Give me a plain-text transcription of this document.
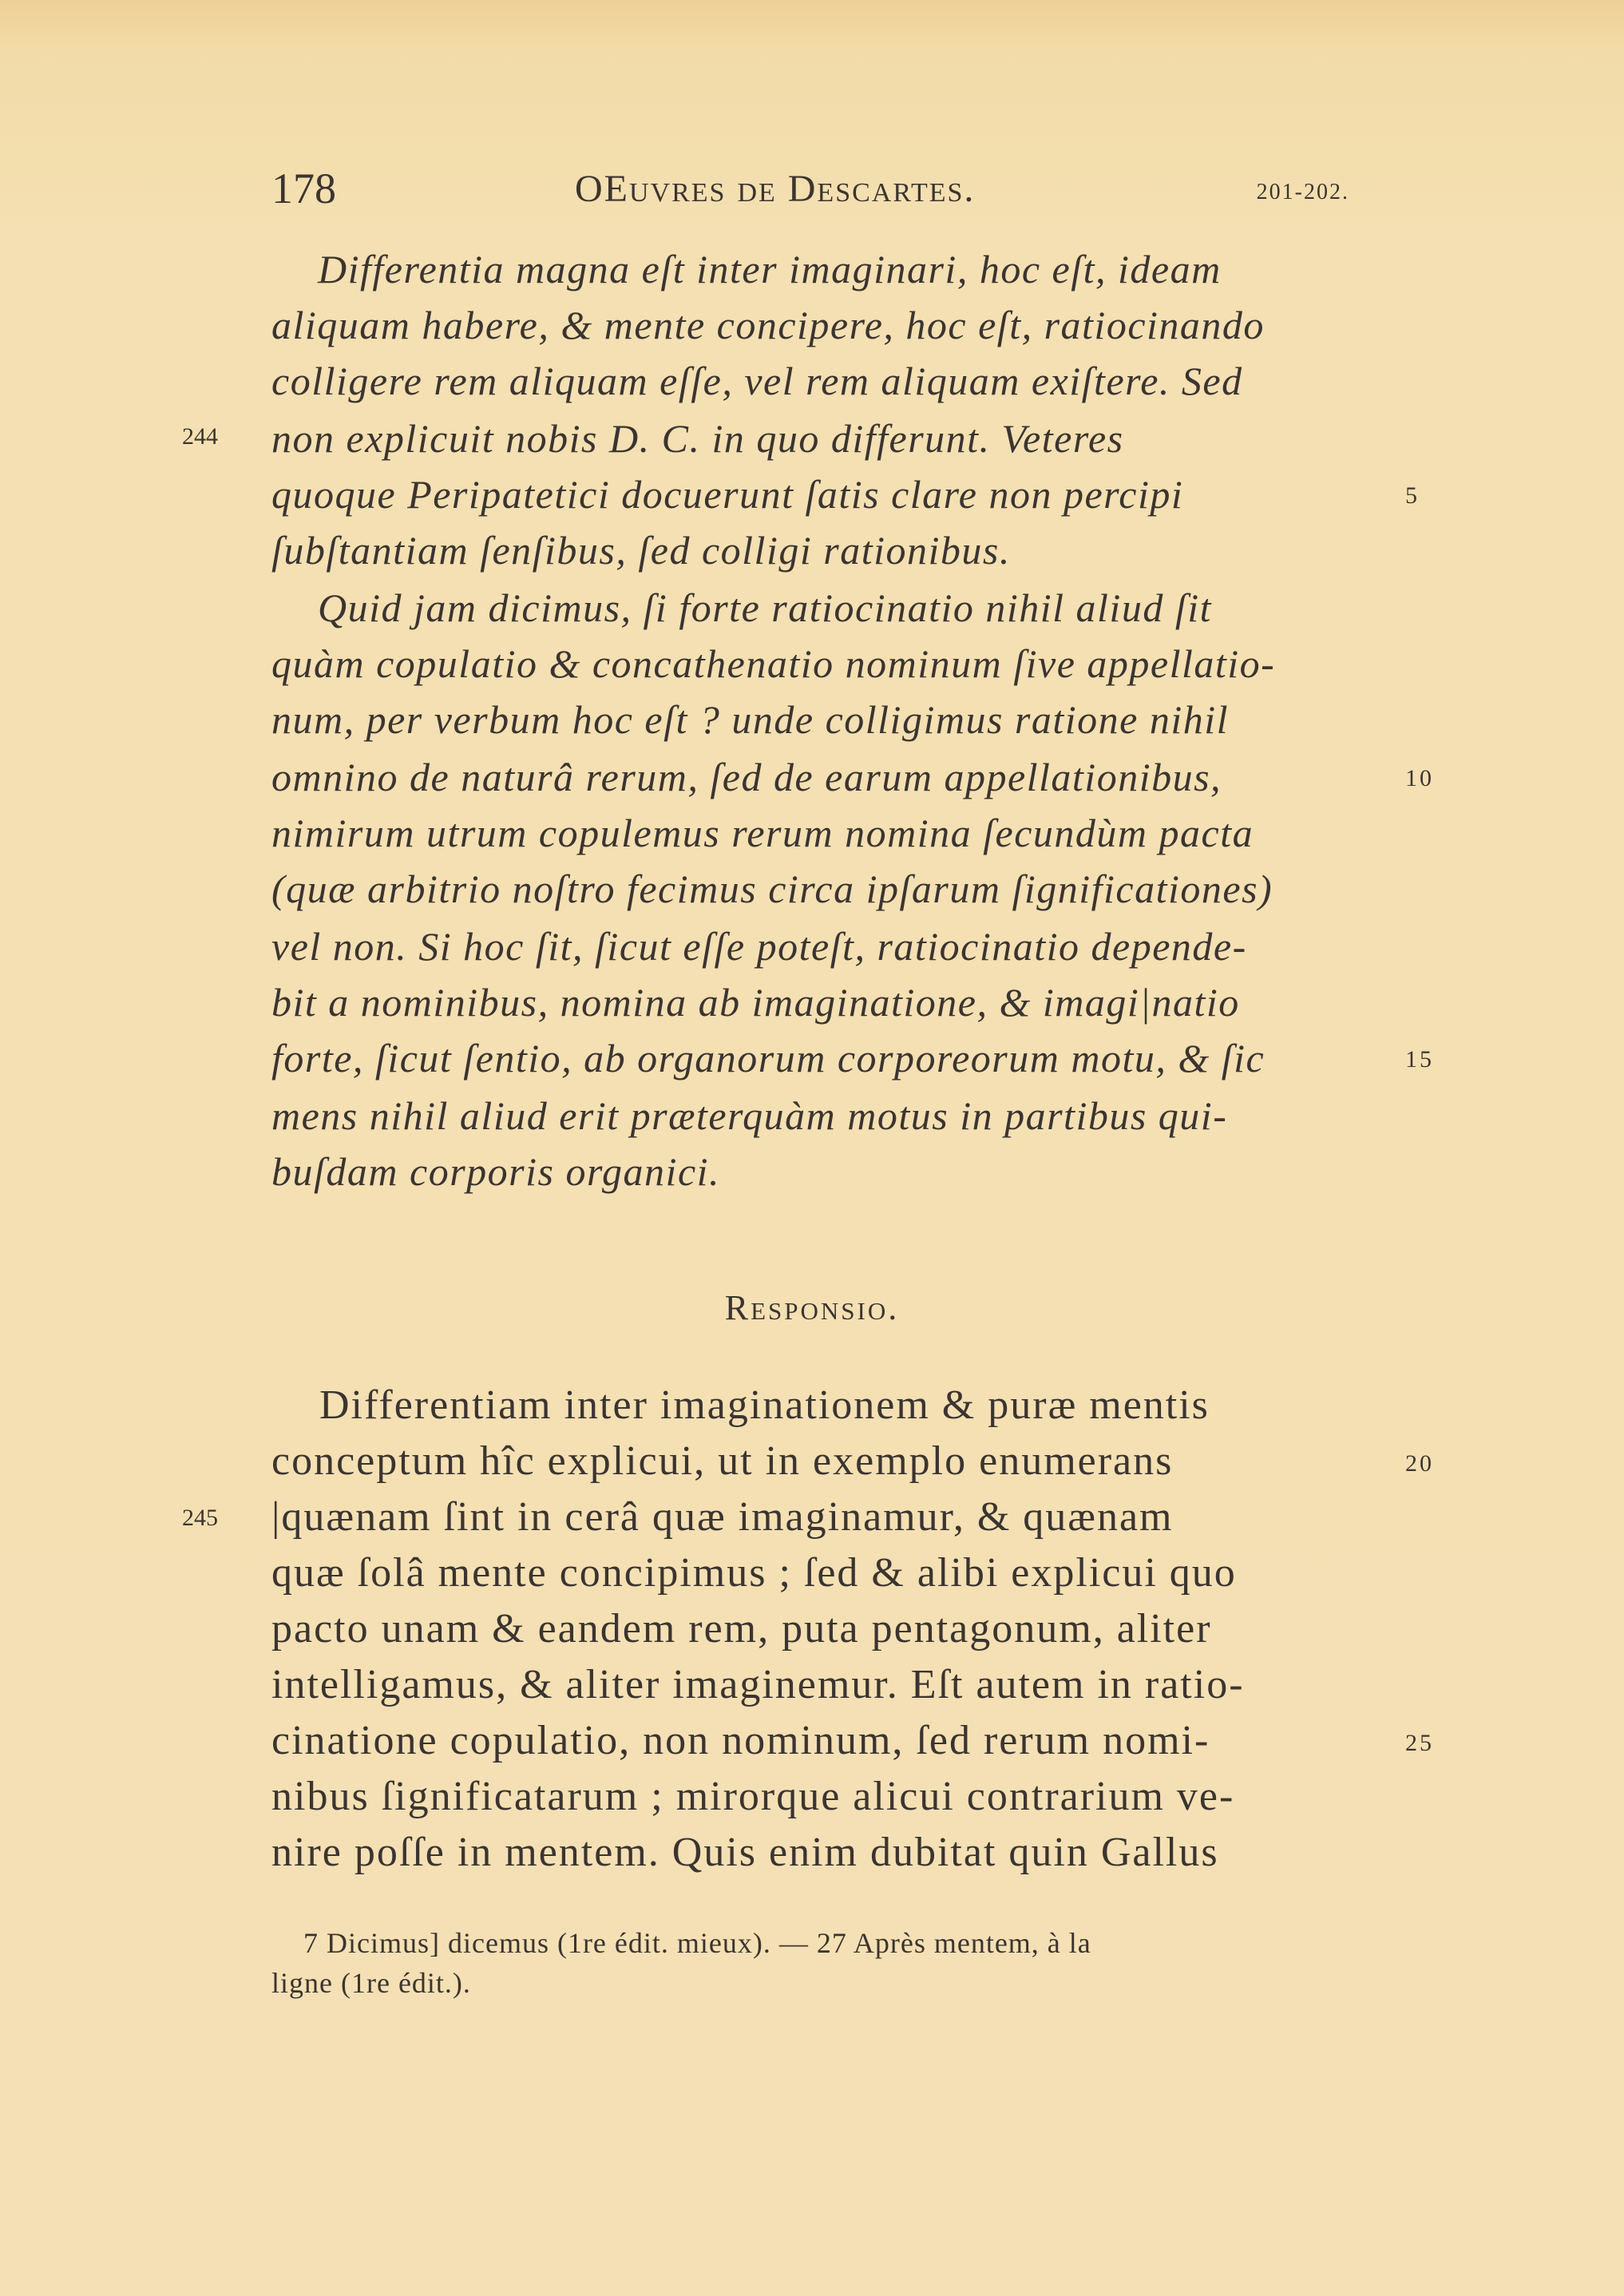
178	OEuvres de Descartes.	201-202.
Differentia magna eſt inter imaginari, hoc eſt, ideam
aliquam habere, & mente concipere, hoc eſt, ratiocinando
colligere rem aliquam eſſe, vel rem aliquam exiſtere. Sed
non explicuit nobis D. C. in quo differunt. Veteres
quoque Peripatetici docuerunt ſatis clare non percipi
ſubſtantiam ſenſibus, ſed colligi rationibus.
Quid jam dicimus, ſi forte ratiocinatio nihil aliud ſit
quàm copulatio & concathenatio nominum ſive appellatio-
num, per verbum hoc eſt ? unde colligimus ratione nihil
omnino de naturâ rerum, ſed de earum appellationibus,
nimirum utrum copulemus rerum nomina ſecundùm pacta
(quæ arbitrio noſtro fecimus circa ipſarum ſignificationes)
vel non. Si hoc ſit, ſicut eſſe poteſt, ratiocinatio depende-
bit a nominibus, nomina ab imaginatione, & imagi|natio
forte, ſicut ſentio, ab organorum corporeorum motu, & ſic
mens nihil aliud erit præterquàm motus in partibus qui-
buſdam corporis organici.
Responsio.
Differentiam inter imaginationem & puræ mentis
conceptum hîc explicui, ut in exemplo enumerans
|quænam ſint in cerâ quæ imaginamur, & quænam
quæ ſolâ mente concipimus ; ſed & alibi explicui quo
pacto unam & eandem rem, puta pentagonum, aliter
intelligamus, & aliter imaginemur. Eſt autem in ratio-
cinatione copulatio, non nominum, ſed rerum nomi-
nibus ſignificatarum ; mirorque alicui contrarium ve-
nire poſſe in mentem. Quis enim dubitat quin Gallus
244
245
5
10
15
20
25
7 Dicimus] dicemus (1re édit. mieux). — 27 Après mentem, à la
ligne (1re édit.).
